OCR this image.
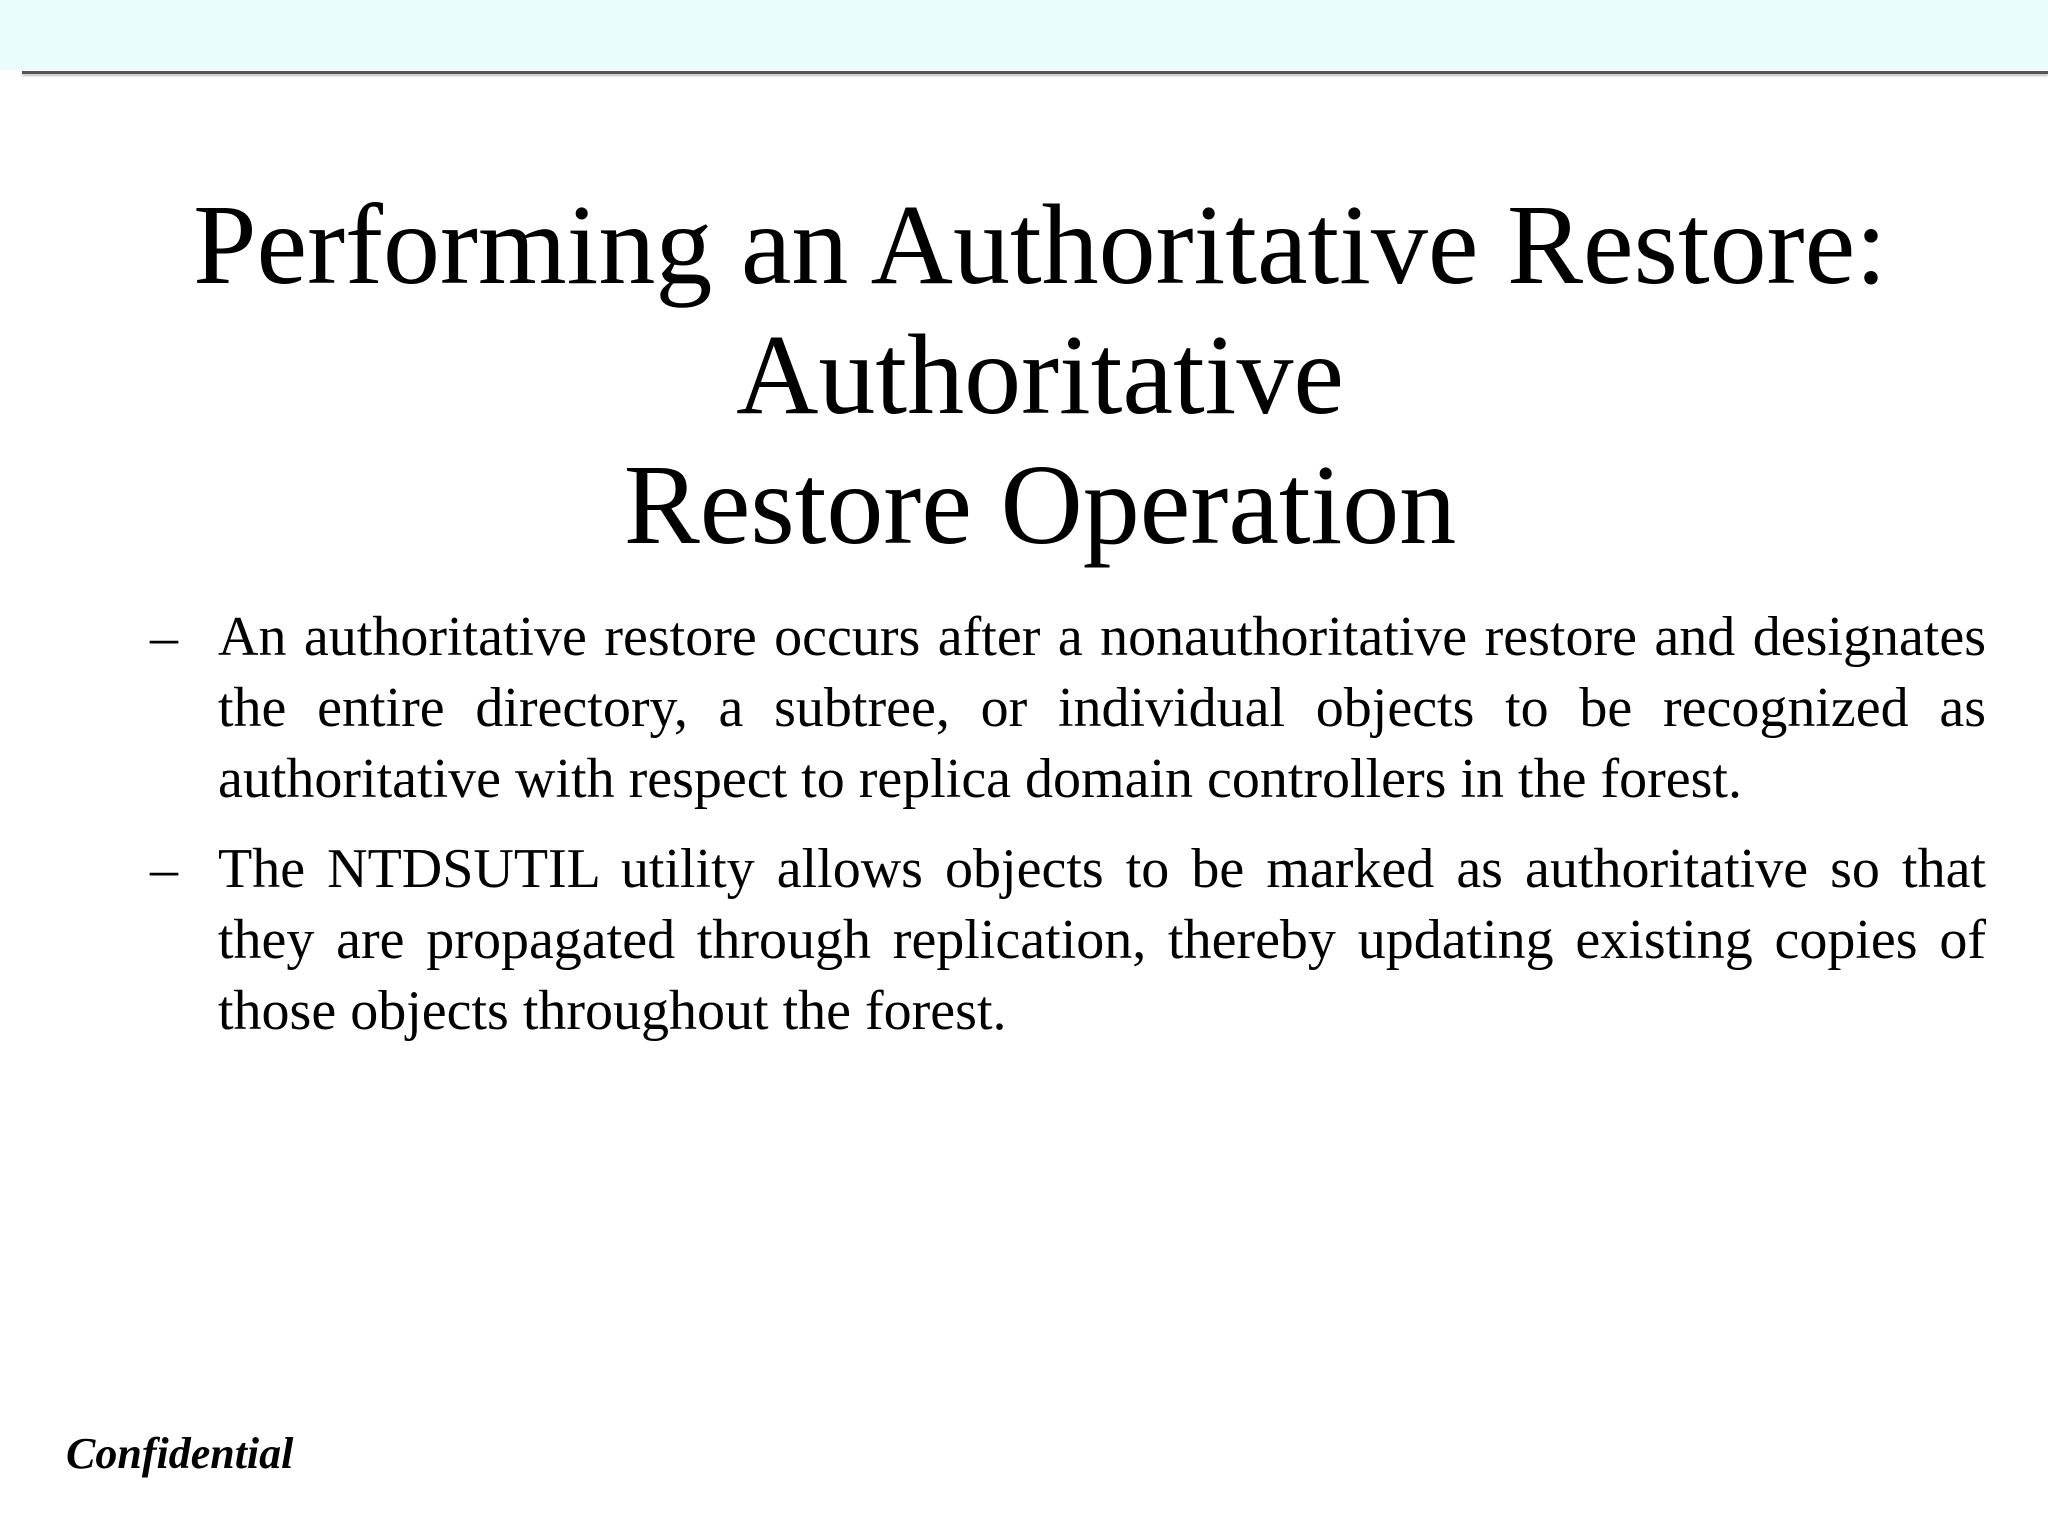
Performing an Authoritative Restore:
Authoritative
Restore Operation
– An authoritative restore occurs after a nonauthoritative restore and designates the entire directory, a subtree, or individual objects to be recognized as authoritative with respect to replica domain controllers in the forest.
– The NTDSUTIL utility allows objects to be marked as authoritative so that they are propagated through replication, thereby updating existing copies of those objects throughout the forest.
Confidential
